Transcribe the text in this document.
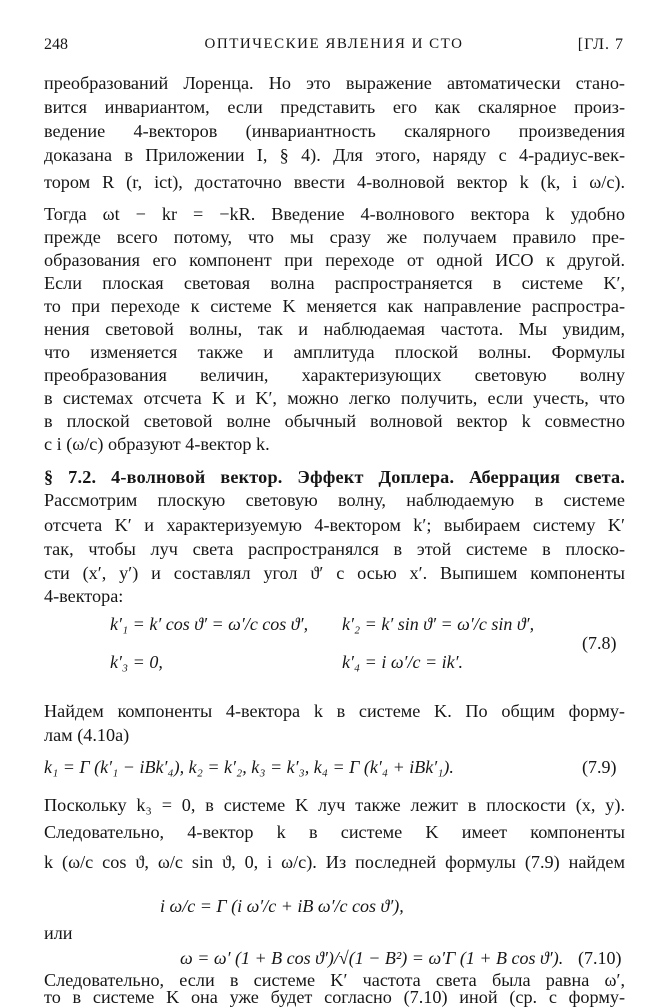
248	ОПТИЧЕСКИЕ ЯВЛЕНИЯ И СТО	[ГЛ. 7
преобразований Лоренца. Но это выражение автоматически стано-
вится инвариантом, если представить его как скалярное произ-
ведение 4-векторов (инвариантность скалярного произведения
доказана в Приложении I, § 4). Для этого, наряду с 4-радиус-век-
тором R (r, ict), достаточно ввести 4-волновой вектор k (k, i ω/c).
Тогда ωt − kr = −kR. Введение 4-волнового вектора k удобно
прежде всего потому, что мы сразу же получаем правило пре-
образования его компонент при переходе от одной ИСО к другой.
Если плоская световая волна распространяется в системе K′,
то при переходе к системе K меняется как направление распростра-
нения световой волны, так и наблюдаемая частота. Мы увидим,
что изменяется также и амплитуда плоской волны. Формулы
преобразования величин, характеризующих световую волну
в системах отсчета K и K′, можно легко получить, если учесть, что
в плоской световой волне обычный волновой вектор k совместно
с i (ω/c) образуют 4-вектор k.
§ 7.2. 4-волновой вектор. Эффект Доплера. Аберрация света.
Рассмотрим плоскую световую волну, наблюдаемую в системе
отсчета K′ и характеризуемую 4-вектором k′; выбираем систему K′
так, чтобы луч света распространялся в этой системе в плоско-
сти (x′, y′) и составлял угол ϑ′ с осью x′. Выпишем компоненты
4-вектора:
k′₁ = k′ cos ϑ′ = ω′/c cos ϑ′, k′₂ = k′ sin ϑ′ = ω′/c sin ϑ′,
k′₃ = 0,	k′₄ = i ω′/c = ik′.
(7.8)
Найдем компоненты 4-вектора k в системе K. По общим форму-
лам (4.10а)
k₁ = Γ (k′₁ − iBk′₄), k₂ = k′₂, k₃ = k′₃, k₄ = Γ (k′₄ + iBk′₁).	(7.9)
Поскольку k₃ = 0, в системе K луч также лежит в плоскости (x, y).
Следовательно, 4-вектор k в системе K имеет компоненты
k (ω/c cos ϑ, ω/c sin ϑ, 0, i ω/c). Из последней формулы (7.9) найдем
i ω/c = Γ (i ω′/c + iB ω′/c cos ϑ′),
или
ω = ω′ (1 + B cos ϑ′)/√(1 − B²) = ω′Γ (1 + B cos ϑ′). (7.10)
Следовательно, если в системе K′ частота света была равна ω′,
то в системе K она уже будет согласно (7.10) иной (ср. с форму-
